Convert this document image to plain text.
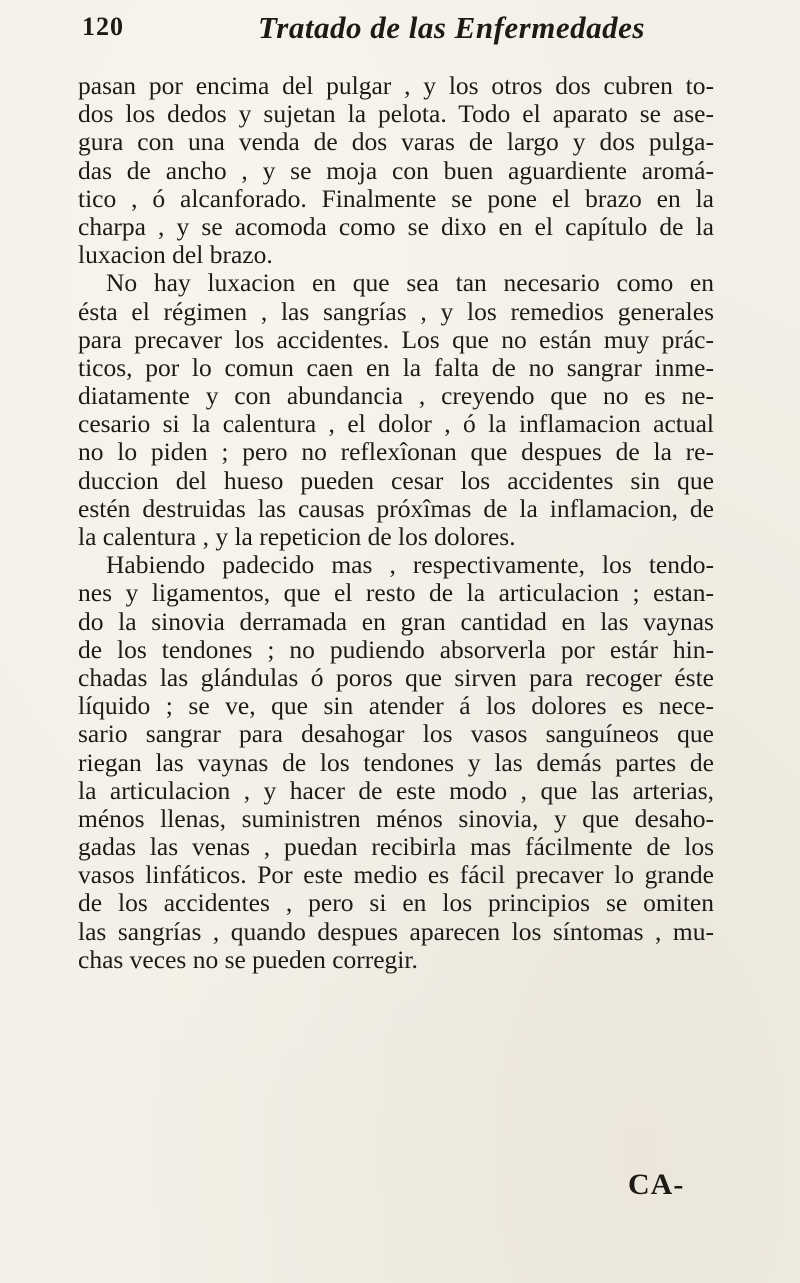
120	Tratado de las Enfermedades
pasan por encima del pulgar , y los otros dos cubren to-
dos los dedos y sujetan la pelota. Todo el aparato se ase-
gura con una venda de dos varas de largo y dos pulga-
das de ancho , y se moja con buen aguardiente aromá-
tico , ó alcanforado. Finalmente se pone el brazo en la
charpa , y se acomoda como se dixo en el capítulo de la
luxacion del brazo.
No hay luxacion en que sea tan necesario como en
ésta el régimen , las sangrías , y los remedios generales
para precaver los accidentes. Los que no están muy prác-
ticos, por lo comun caen en la falta de no sangrar inme-
diatamente y con abundancia , creyendo que no es ne-
cesario si la calentura , el dolor , ó la inflamacion actual
no lo piden ; pero no reflexîonan que despues de la re-
duccion del hueso pueden cesar los accidentes sin que
estén destruidas las causas próxîmas de la inflamacion, de
la calentura , y la repeticion de los dolores.
Habiendo padecido mas , respectivamente, los tendo-
nes y ligamentos, que el resto de la articulacion ; estan-
do la sinovia derramada en gran cantidad en las vaynas
de los tendones ; no pudiendo absorverla por estár hin-
chadas las glándulas ó poros que sirven para recoger éste
líquido ; se ve, que sin atender á los dolores es nece-
sario sangrar para desahogar los vasos sanguíneos que
riegan las vaynas de los tendones y las demás partes de
la articulacion , y hacer de este modo , que las arterias,
ménos llenas, suministren ménos sinovia, y que desaho-
gadas las venas , puedan recibirla mas fácilmente de los
vasos linfáticos. Por este medio es fácil precaver lo grande
de los accidentes , pero si en los principios se omiten
las sangrías , quando despues aparecen los síntomas , mu-
chas veces no se pueden corregir.
CA-
